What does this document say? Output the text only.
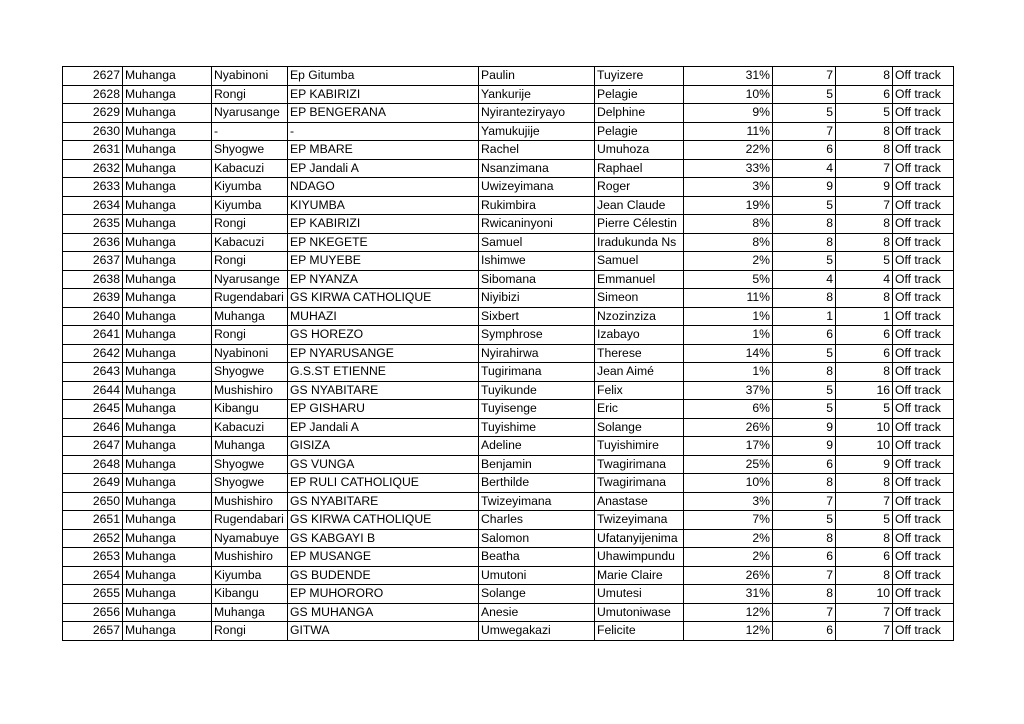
2627	Muhanga	Nyabinoni	Ep Gitumba	Paulin	Tuyizere	31%	7	8	Off track
2628	Muhanga	Rongi	EP KABIRIZI	Yankurije	Pelagie	10%	5	6	Off track
2629	Muhanga	Nyarusange	EP BENGERANA	Nyiranteziryayo	Delphine	9%	5	5	Off track
2630	Muhanga	-	-	Yamukujije	Pelagie	11%	7	8	Off track
2631	Muhanga	Shyogwe	EP MBARE	Rachel	Umuhoza	22%	6	8	Off track
2632	Muhanga	Kabacuzi	EP Jandali A	Nsanzimana	Raphael	33%	4	7	Off track
2633	Muhanga	Kiyumba	NDAGO	Uwizeyimana	Roger	3%	9	9	Off track
2634	Muhanga	Kiyumba	KIYUMBA	Rukimbira	Jean Claude	19%	5	7	Off track
2635	Muhanga	Rongi	EP KABIRIZI	Rwicaninyoni	Pierre Célestin	8%	8	8	Off track
2636	Muhanga	Kabacuzi	EP NKEGETE	Samuel	Iradukunda Ns	8%	8	8	Off track
2637	Muhanga	Rongi	EP MUYEBE	Ishimwe	Samuel	2%	5	5	Off track
2638	Muhanga	Nyarusange	EP NYANZA	Sibomana	Emmanuel	5%	4	4	Off track
2639	Muhanga	Rugendabari	GS KIRWA CATHOLIQUE	Niyibizi	Simeon	11%	8	8	Off track
2640	Muhanga	Muhanga	MUHAZI	Sixbert	Nzozinziza	1%	1	1	Off track
2641	Muhanga	Rongi	GS HOREZO	Symphrose	Izabayo	1%	6	6	Off track
2642	Muhanga	Nyabinoni	EP NYARUSANGE	Nyirahirwa	Therese	14%	5	6	Off track
2643	Muhanga	Shyogwe	G.S.ST ETIENNE	Tugirimana	Jean Aimé	1%	8	8	Off track
2644	Muhanga	Mushishiro	GS NYABITARE	Tuyikunde	Felix	37%	5	16	Off track
2645	Muhanga	Kibangu	EP GISHARU	Tuyisenge	Eric	6%	5	5	Off track
2646	Muhanga	Kabacuzi	EP Jandali A	Tuyishime	Solange	26%	9	10	Off track
2647	Muhanga	Muhanga	GISIZA	Adeline	Tuyishimire	17%	9	10	Off track
2648	Muhanga	Shyogwe	GS VUNGA	Benjamin	Twagirimana	25%	6	9	Off track
2649	Muhanga	Shyogwe	EP RULI CATHOLIQUE	Berthilde	Twagirimana	10%	8	8	Off track
2650	Muhanga	Mushishiro	GS NYABITARE	Twizeyimana	Anastase	3%	7	7	Off track
2651	Muhanga	Rugendabari	GS KIRWA CATHOLIQUE	Charles	Twizeyimana	7%	5	5	Off track
2652	Muhanga	Nyamabuye	GS KABGAYI B	Salomon	Ufatanyijenima	2%	8	8	Off track
2653	Muhanga	Mushishiro	EP MUSANGE	Beatha	Uhawimpundu	2%	6	6	Off track
2654	Muhanga	Kiyumba	GS BUDENDE	Umutoni	Marie Claire	26%	7	8	Off track
2655	Muhanga	Kibangu	EP MUHORORO	Solange	Umutesi	31%	8	10	Off track
2656	Muhanga	Muhanga	GS MUHANGA	Anesie	Umutoniwase	12%	7	7	Off track
2657	Muhanga	Rongi	GITWA	Umwegakazi	Felicite	12%	6	7	Off track
